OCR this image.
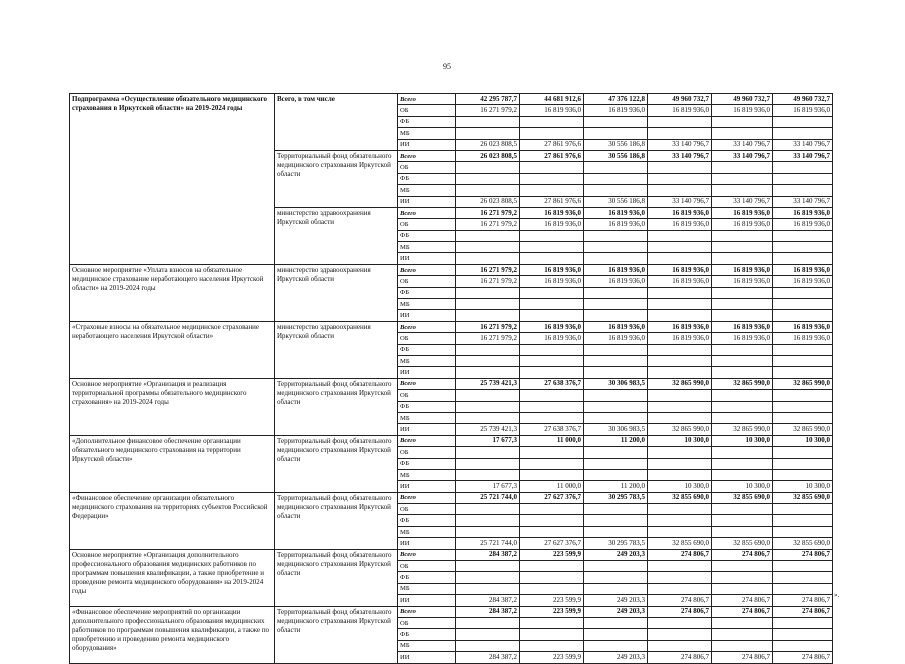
95
Подпрограмма «Осуществление обязательного медицинского страхования в Иркутской области» на 2019-2024 годы	Всего, в том числе	Всего	42 295 787,7	44 681 912,6	47 376 122,8	49 960 732,7	49 960 732,7	49 960 732,7
		ОБ	16 271 979,2	16 819 936,0	16 819 936,0	16 819 936,0	16 819 936,0	16 819 936,0
		ФБ						
		МБ						
		ИИ	26 023 808,5	27 861 976,6	30 556 186,8	33 140 796,7	33 140 796,7	33 140 796,7
	Территориальный фонд обязательного медицинского страхования Иркутской области	Всего	26 023 808,5	27 861 976,6	30 556 186,8	33 140 796,7	33 140 796,7	33 140 796,7
		ОБ						
		ФБ						
		МБ						
		ИИ	26 023 808,5	27 861 976,6	30 556 186,8	33 140 796,7	33 140 796,7	33 140 796,7
	министерство здравоохранения Иркутской области	Всего	16 271 979,2	16 819 936,0	16 819 936,0	16 819 936,0	16 819 936,0	16 819 936,0
		ОБ	16 271 979,2	16 819 936,0	16 819 936,0	16 819 936,0	16 819 936,0	16 819 936,0
		ФБ						
		МБ						
		ИИ						
Основное мероприятие «Уплата взносов на обязательное медицинское страхование неработающего населения Иркутской области» на 2019-2024 годы	министерство здравоохранения Иркутской области	Всего	16 271 979,2	16 819 936,0	16 819 936,0	16 819 936,0	16 819 936,0	16 819 936,0
		ОБ	16 271 979,2	16 819 936,0	16 819 936,0	16 819 936,0	16 819 936,0	16 819 936,0
		ФБ						
		МБ						
		ИИ						
«Страховые взносы на обязательное медицинское страхование неработающего населения Иркутской области»	министерство здравоохранения Иркутской области	Всего	16 271 979,2	16 819 936,0	16 819 936,0	16 819 936,0	16 819 936,0	16 819 936,0
		ОБ	16 271 979,2	16 819 936,0	16 819 936,0	16 819 936,0	16 819 936,0	16 819 936,0
		ФБ						
		МБ						
		ИИ						
Основное мероприятие «Организация и реализация территориальной программы обязательного медицинского страхования» на 2019-2024 годы	Территориальный фонд обязательного медицинского страхования Иркутской области	Всего	25 739 421,3	27 638 376,7	30 306 983,5	32 865 990,0	32 865 990,0	32 865 990,0
		ОБ						
		ФБ						
		МБ						
		ИИ	25 739 421,3	27 638 376,7	30 306 983,5	32 865 990,0	32 865 990,0	32 865 990,0
«Дополнительное финансовое обеспечение организации обязательного медицинского страхования на территории Иркутской области»	Территориальный фонд обязательного медицинского страхования Иркутской области	Всего	17 677,3	11 000,0	11 200,0	10 300,0	10 300,0	10 300,0
		ОБ						
		ФБ						
		МБ						
		ИИ	17 677,3	11 000,0	11 200,0	10 300,0	10 300,0	10 300,0
«Финансовое обеспечение организации обязательного медицинского страхования на территориях субъектов Российской Федерации»	Территориальный фонд обязательного медицинского страхования Иркутской области	Всего	25 721 744,0	27 627 376,7	30 295 783,5	32 855 690,0	32 855 690,0	32 855 690,0
		ОБ						
		ФБ						
		МБ						
		ИИ	25 721 744,0	27 627 376,7	30 295 783,5	32 855 690,0	32 855 690,0	32 855 690,0
Основное мероприятие «Организация дополнительного профессионального образования медицинских работников по программам повышения квалификации, а также приобретение и проведение ремонта медицинского оборудования» на 2019-2024 годы	Территориальный фонд обязательного медицинского страхования Иркутской области	Всего	284 387,2	223 599,9	249 203,3	274 806,7	274 806,7	274 806,7
		ОБ						
		ФБ						
		МБ						
		ИИ	284 387,2	223 599,9	249 203,3	274 806,7	274 806,7	274 806,7
«Финансовое обеспечение мероприятий по организации дополнительного профессионального образования медицинских работников по программам повышения квалификации, а также по приобретению и проведению ремонта медицинского оборудования»	Территориальный фонд обязательного медицинского страхования Иркутской области	Всего	284 387,2	223 599,9	249 203,3	274 806,7	274 806,7	274 806,7
		ОБ						
		ФБ						
		МБ						
		ИИ	284 387,2	223 599,9	249 203,3	274 806,7	274 806,7	274 806,7
».
